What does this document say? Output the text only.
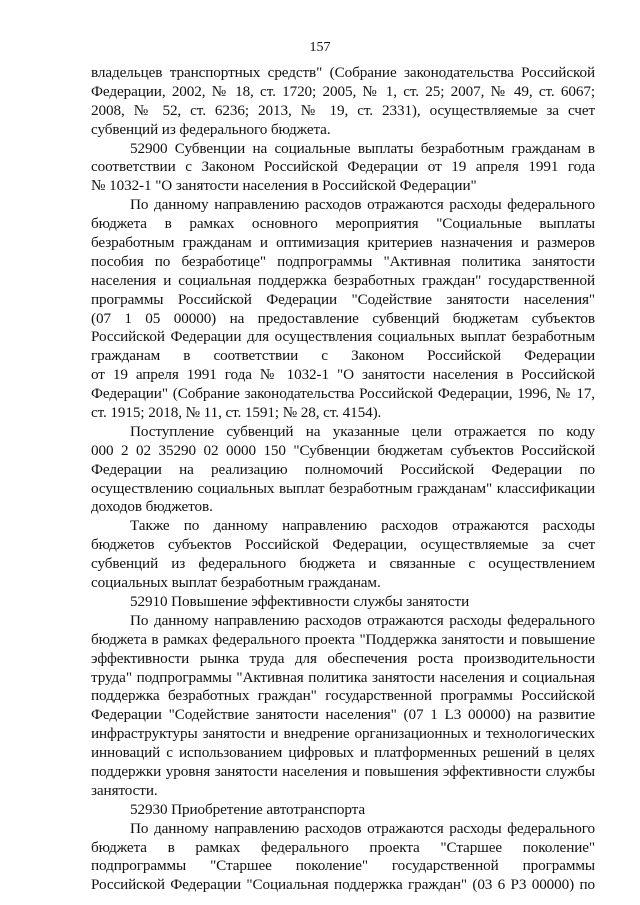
157
владельцев транспортных средств" (Собрание законодательства Российской
Федерации, 2002, № 18, ст. 1720; 2005, № 1, ст. 25; 2007, № 49, ст. 6067;
2008, № 52, ст. 6236; 2013, № 19, ст. 2331), осуществляемые за счет
субвенций из федерального бюджета.
52900 Субвенции на социальные выплаты безработным гражданам в
соответствии с Законом Российской Федерации от 19 апреля 1991 года
№ 1032-1 "О занятости населения в Российской Федерации"
По данному направлению расходов отражаются расходы федерального
бюджета в рамках основного мероприятия "Социальные выплаты
безработным гражданам и оптимизация критериев назначения и размеров
пособия по безработице" подпрограммы "Активная политика занятости
населения и социальная поддержка безработных граждан" государственной
программы Российской Федерации "Содействие занятости населения"
(07 1 05 00000) на предоставление субвенций бюджетам субъектов
Российской Федерации для осуществления социальных выплат безработным
гражданам в соответствии с Законом Российской Федерации
от 19 апреля 1991 года № 1032-1 "О занятости населения в Российской
Федерации" (Собрание законодательства Российской Федерации, 1996, № 17,
ст. 1915; 2018, № 11, ст. 1591; № 28, ст. 4154).
Поступление субвенций на указанные цели отражается по коду
000 2 02 35290 02 0000 150 "Субвенции бюджетам субъектов Российской
Федерации на реализацию полномочий Российской Федерации по
осуществлению социальных выплат безработным гражданам" классификации
доходов бюджетов.
Также по данному направлению расходов отражаются расходы
бюджетов субъектов Российской Федерации, осуществляемые за счет
субвенций из федерального бюджета и связанные с осуществлением
социальных выплат безработным гражданам.
52910 Повышение эффективности службы занятости
По данному направлению расходов отражаются расходы федерального
бюджета в рамках федерального проекта "Поддержка занятости и повышение
эффективности рынка труда для обеспечения роста производительности
труда" подпрограммы "Активная политика занятости населения и социальная
поддержка безработных граждан" государственной программы Российской
Федерации "Содействие занятости населения" (07 1 L3 00000) на развитие
инфраструктуры занятости и внедрение организационных и технологических
инноваций с использованием цифровых и платформенных решений в целях
поддержки уровня занятости населения и повышения эффективности службы
занятости.
52930 Приобретение автотранспорта
По данному направлению расходов отражаются расходы федерального
бюджета в рамках федерального проекта "Старшее поколение"
подпрограммы "Старшее поколение" государственной программы
Российской Федерации "Социальная поддержка граждан" (03 6 Р3 00000) по
